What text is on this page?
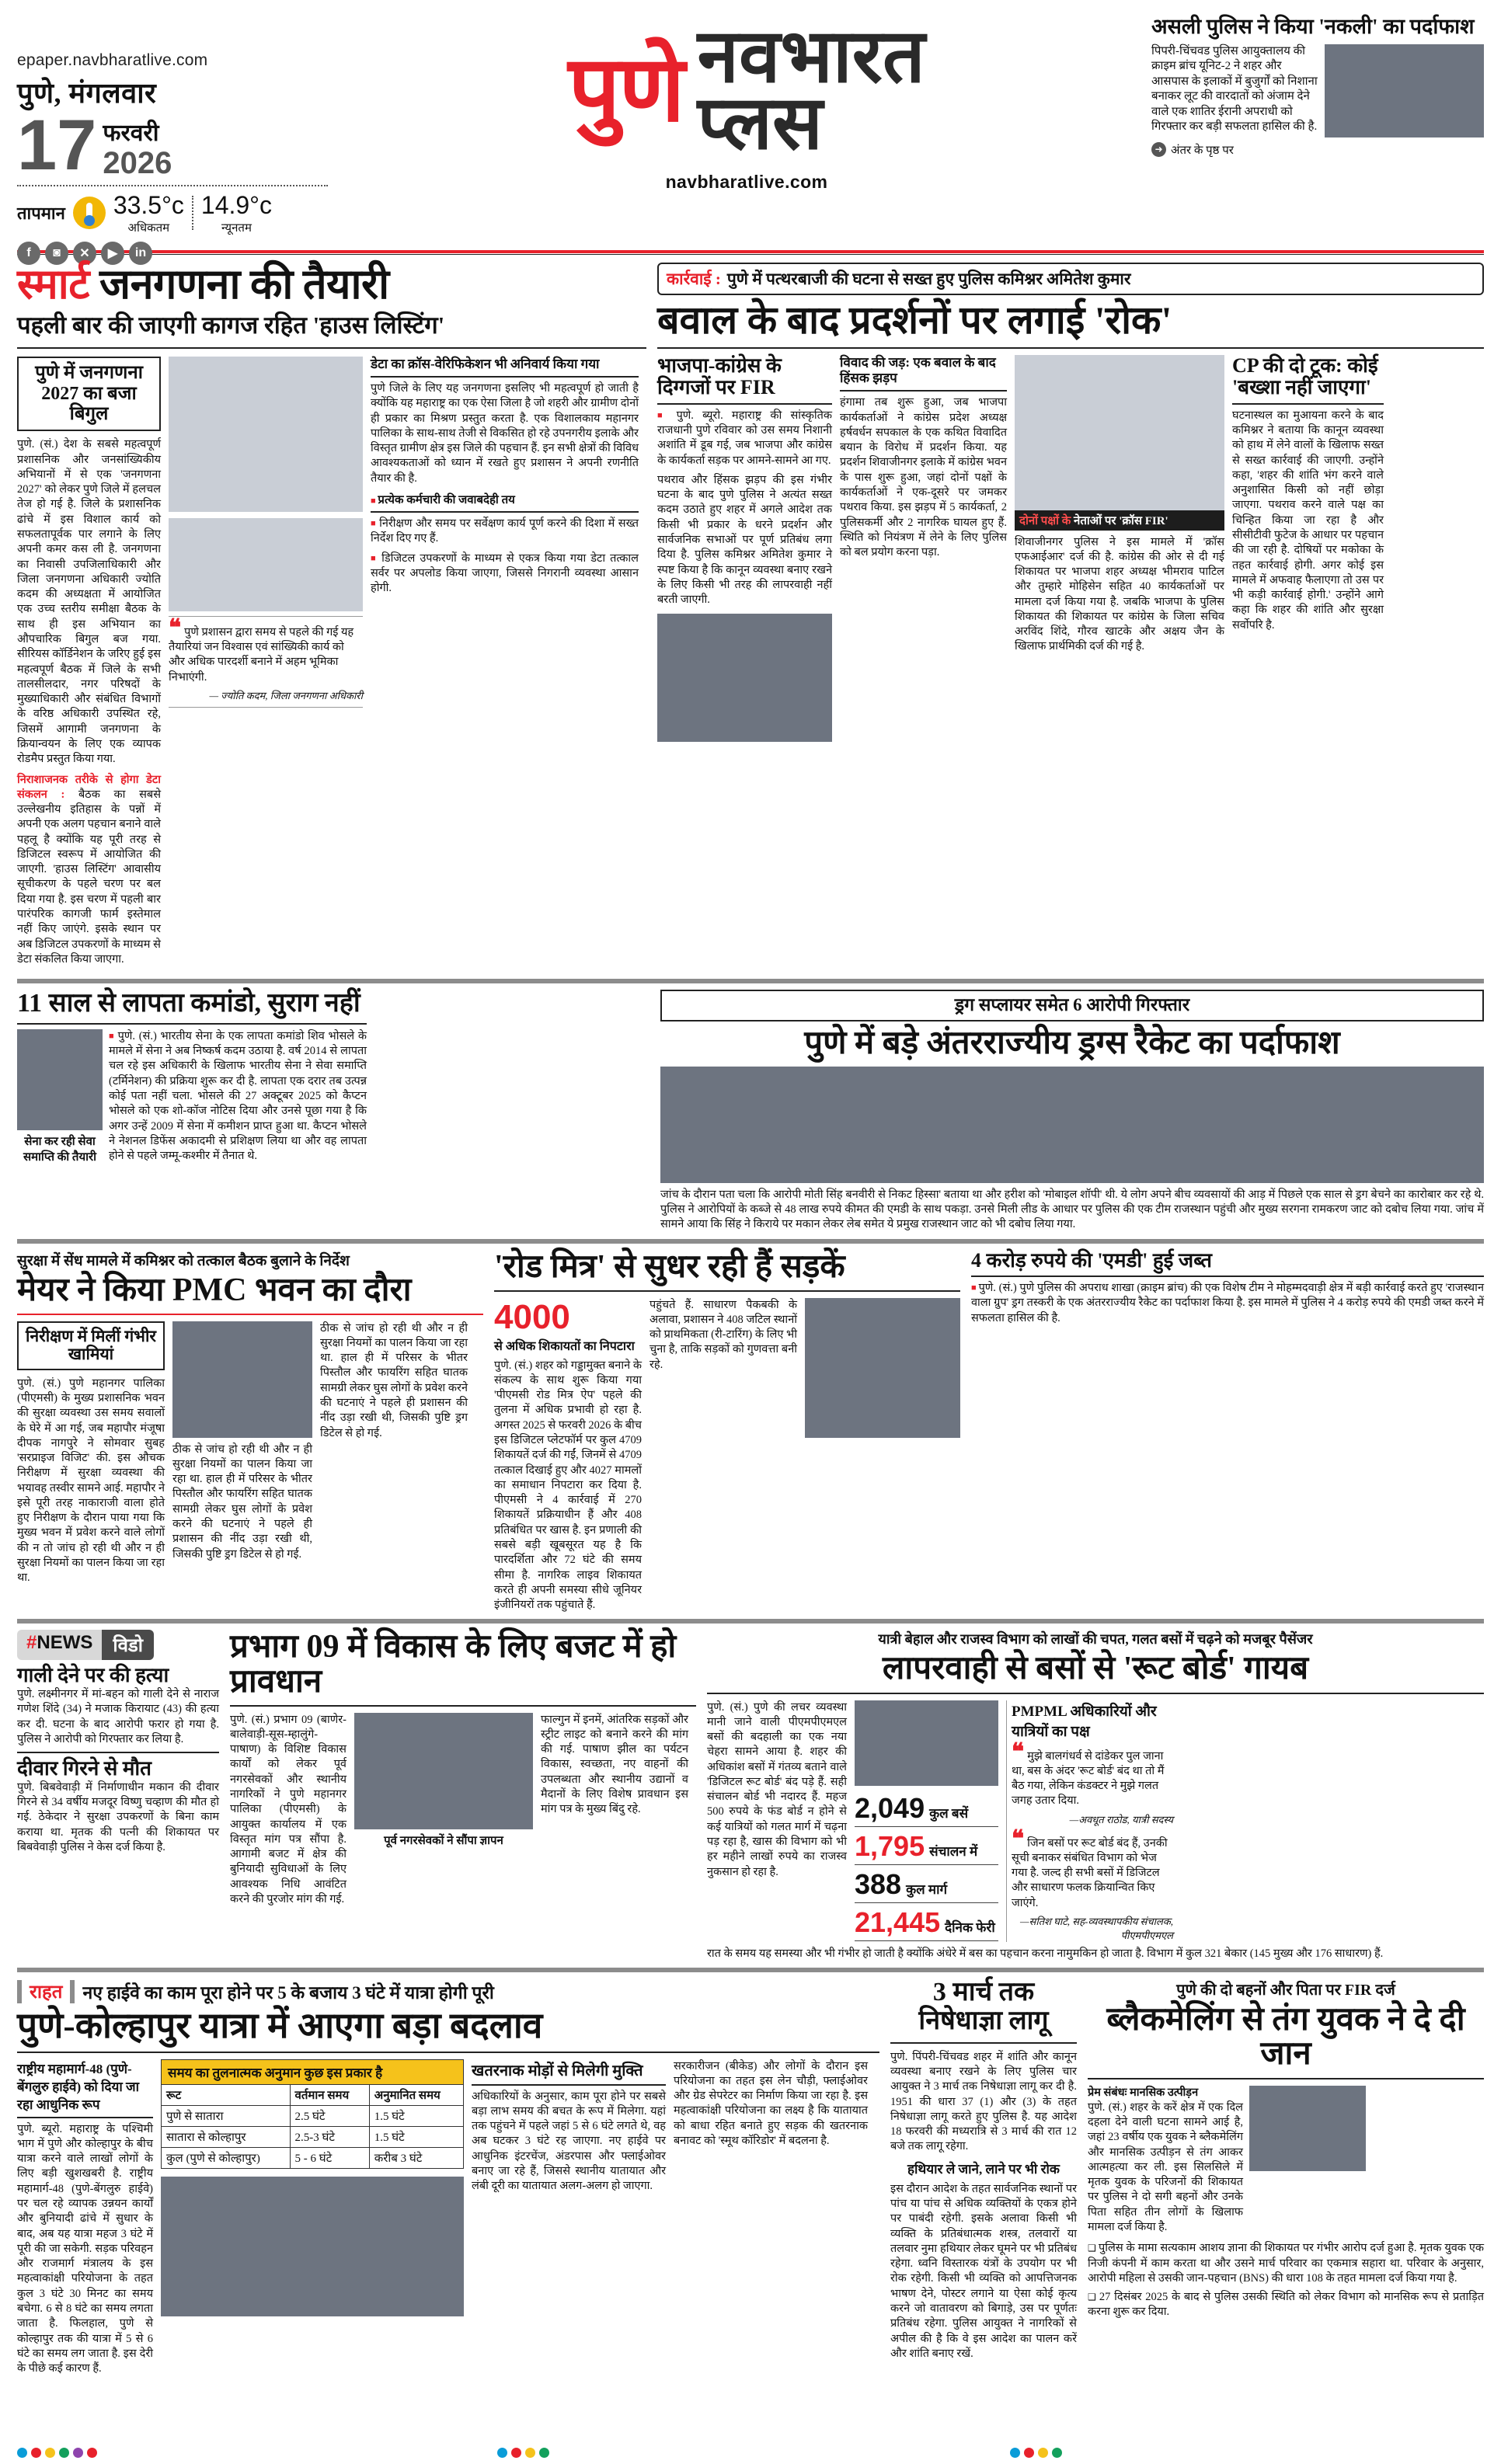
epaper.navbharatlive.com
पुणे, मंगलवार
17 फरवरी
2026
तापमान 33.5°c
अधिकतम
14.9°c
न्यूनतम
f	◙	✕	▶	in
पुणे नवभारत
प्लस
navbharatlive.com
असली पुलिस ने किया 'नकली' का पर्दाफाश
पिपरी-चिंचवड पुलिस आयुक्तालय की क्राइम ब्रांच यूनिट-2 ने शहर और आसपास के इलाकों में बुजुर्गों को निशाना बनाकर लूट की वारदातों को अंजाम देने वाले एक शातिर ईरानी अपराधी को गिरफ्तार कर बड़ी सफलता हासिल की है.
➜ अंतर के पृष्ठ पर
स्मार्ट जनगणना की तैयारी
पहली बार की जाएगी कागज रहित 'हाउस लिस्टिंग'
पुणे में जनगणना 2027 का बजा बिगुल

पुणे. (सं.) देश के सबसे महत्वपूर्ण प्रशासनिक और जनसांख्यिकीय अभियानों में से एक 'जनगणना 2027' को लेकर पुणे जिले में हलचल तेज हो गई है. जिले के प्रशासनिक ढांचे में इस विशाल कार्य को सफलतापूर्वक पार लगाने के लिए अपनी कमर कस ली है. जनगणना का निवासी उपजिलाधिकारी और जिला जनगणना अधिकारी ज्योति कदम की अध्यक्षता में आयोजित एक उच्च स्तरीय समीक्षा बैठक के साथ ही इस अभियान का औपचारिक बिगुल बज गया. सीरियस कॉर्डिनेशन के जरिए हुई इस महत्वपूर्ण बैठक में जिले के सभी तालसीलदार, नगर परिषदों के मुख्याधिकारी और संबंधित विभागों के वरिष्ठ अधिकारी उपस्थित रहे, जिसमें आगामी जनगणना के क्रियान्वयन के लिए एक व्यापक रोडमैप प्रस्तुत किया गया.

निराशाजनक तरीके से होगा डेटा संकलन : बैठक का सबसे उल्लेखनीय इतिहास के पन्नों में अपनी एक अलग पहचान बनाने वाले पहलू है क्योंकि यह पूरी तरह से डिजिटल स्वरूप में आयोजित की जाएगी. 'हाउस लिस्टिंग' आवासीय सूचीकरण के पहले चरण पर बल दिया गया है. इस चरण में पहली बार पारंपरिक कागजी फार्म इस्तेमाल नहीं किए जाएंगे. इसके स्थान पर अब डिजिटल उपकरणों के माध्यम से डेटा संकलित किया जाएगा.

❝ पुणे प्रशासन द्वारा समय से पहले की गई यह तैयारियां जन विश्वास एवं सांख्यिकी कार्य को और अधिक पारदर्शी बनाने में अहम भूमिका निभाएंगी.
— ज्योति कदम, जिला जनगणना अधिकारी
डेटा का क्रॉस-वेरिफिकेशन भी अनिवार्य किया गया

पुणे जिले के लिए यह जनगणना इसलिए भी महत्वपूर्ण हो जाती है क्योंकि यह महाराष्ट्र का एक ऐसा जिला है जो शहरी और ग्रामीण दोनों ही प्रकार का मिश्रण प्रस्तुत करता है. एक विशालकाय महानगर पालिका के साथ-साथ तेजी से विकसित हो रहे उपनगरीय इलाके और विस्तृत ग्रामीण क्षेत्र इस जिले की पहचान हैं. इन सभी क्षेत्रों की विविध आवश्यकताओं को ध्यान में रखते हुए प्रशासन ने अपनी रणनीति तैयार की है.

■ प्रत्येक कर्मचारी की जवाबदेही तय
■ निरीक्षण और समय पर सर्वेक्षण कार्य पूर्ण करने की दिशा में सख्त निर्देश दिए गए हैं.
■ डिजिटल उपकरणों के माध्यम से एकत्र किया गया डेटा तत्काल सर्वर पर अपलोड किया जाएगा, जिससे निगरानी व्यवस्था आसान होगी.
कार्रवाई : पुणे में पत्थरबाजी की घटना से सख्त हुए पुलिस कमिश्नर अमितेश कुमार
बवाल के बाद प्रदर्शनों पर लगाई 'रोक'
भाजपा-कांग्रेस के दिग्गजों पर FIR
■ पुणे. ब्यूरो. महाराष्ट्र की सांस्कृतिक राजधानी पुणे रविवार को उस समय निशानी अशांति में डूब गई, जब भाजपा और कांग्रेस के कार्यकर्ता सड़क पर आमने-सामने आ गए.
पथराव और हिंसक झड़प की इस गंभीर घटना के बाद पुणे पुलिस ने अत्यंत सख्त कदम उठाते हुए शहर में अगले आदेश तक किसी भी प्रकार के धरने प्रदर्शन और सार्वजनिक सभाओं पर पूर्ण प्रतिबंध लगा दिया है. पुलिस कमिश्नर अमितेश कुमार ने स्पष्ट किया है कि कानून व्यवस्था बनाए रखने के लिए किसी भी तरह की लापरवाही नहीं बरती जाएगी.
विवाद की जड़: एक बवाल के बाद हिंसक झड़प
हंगामा तब शुरू हुआ, जब भाजपा कार्यकर्ताओं ने कांग्रेस प्रदेश अध्यक्ष हर्षवर्धन सपकाल के एक कथित विवादित बयान के विरोध में प्रदर्शन किया. यह प्रदर्शन शिवाजीनगर इलाके में कांग्रेस भवन के पास शुरू हुआ, जहां दोनों पक्षों के कार्यकर्ताओं ने एक-दूसरे पर जमकर पथराव किया. इस झड़प में 5 कार्यकर्ता, 2 पुलिसकर्मी और 2 नागरिक घायल हुए हैं. स्थिति को नियंत्रण में लेने के लिए पुलिस को बल प्रयोग करना पड़ा.
दोनों पक्षों के नेताओं पर 'क्रॉस FIR'
शिवाजीनगर पुलिस ने इस मामले में 'क्रॉस एफआईआर' दर्ज की है. कांग्रेस की ओर से दी गई शिकायत पर भाजपा शहर अध्यक्ष भीमराव पाटिल और तुम्हारे मोहिसेन सहित 40 कार्यकर्ताओं पर मामला दर्ज किया गया है. जबकि भाजपा के पुलिस शिकायत की शिकायत पर कांग्रेस के जिला सचिव अरविंद शिंदे, गौरव खाटके और अक्षय जैन के खिलाफ प्रार्थमिकी दर्ज की गई है.
CP की दो टूक: कोई 'बख्शा नहीं जाएगा'
घटनास्थल का मुआयना करने के बाद कमिश्नर ने बताया कि कानून व्यवस्था को हाथ में लेने वालों के खिलाफ सख्त से सख्त कार्रवाई की जाएगी. उन्होंने कहा, 'शहर की शांति भंग करने वाले अनुशासित किसी को नहीं छोड़ा जाएगा. पथराव करने वाले पक्ष का चिन्हित किया जा रहा है और सीसीटीवी फुटेज के आधार पर पहचान की जा रही है. दोषियों पर मकोका के तहत कार्रवाई होगी. अगर कोई इस मामले में अफवाह फैलाएगा तो उस पर भी कड़ी कार्रवाई होगी.' उन्होंने आगे कहा कि शहर की शांति और सुरक्षा सर्वोपरि है.
11 साल से लापता कमांडो, सुराग नहीं
सेना कर रही सेवा समाप्ति की तैयारी
■ पुणे. (सं.) भारतीय सेना के एक लापता कमांडो शिव भोसले के मामले में सेना ने अब निष्कर्ष कदम उठाया है. वर्ष 2014 से लापता चल रहे इस अधिकारी के खिलाफ भारतीय सेना ने सेवा समाप्ति (टर्मिनेशन) की प्रक्रिया शुरू कर दी है. लापता एक दरार तब उत्पन्न कोई पता नहीं चला. भोसले की 27 अक्टूबर 2025 को कैप्टन भोसले को एक शो-कॉज नोटिस दिया और उनसे पूछा गया है कि अगर उन्हें 2009 में सेना में कमीशन प्राप्त हुआ था. कैप्टन भोसले ने नेशनल डिफेंस अकादमी से प्रशिक्षण लिया था और वह लापता होने से पहले जम्मू-कश्मीर में तैनात थे.
ड्रग सप्लायर समेत 6 आरोपी गिरफ्तार
पुणे में बड़े अंतरराज्यीय ड्रग्स रैकेट का पर्दाफाश
जांच के दौरान पता चला कि आरोपी मोती सिंह बनवीरी से निकट हिस्सा' बताया था और हरीश को 'मोबाइल शॉपी' थी. ये लोग अपने बीच व्यवसायों की आड़ में पिछले एक साल से ड्रग बेचने का कारोबार कर रहे थे. पुलिस ने आरोपियों के कब्जे से 48 लाख रुपये कीमत की एमडी के साथ पकड़ा. उनसे मिली लीड के आधार पर पुलिस की एक टीम राजस्थान पहुंची और मुख्य सरगना रामकरण जाट को दबोच लिया गया. जांच में सामने आया कि सिंह ने किराये पर मकान लेकर लेब समेत ये प्रमुख राजस्थान जाट को भी दबोच लिया गया.
सुरक्षा में सेंध मामले में कमिश्नर को तत्काल बैठक बुलाने के निर्देश
मेयर ने किया PMC भवन का दौरा
निरीक्षण में मिलीं गंभीर खामियां
पुणे. (सं.) पुणे महानगर पालिका (पीएमसी) के मुख्य प्रशासनिक भवन की सुरक्षा व्यवस्था उस समय सवालों के घेरे में आ गई, जब महापौर मंजूषा दीपक नागपुरे ने सोमवार सुबह 'सरप्राइज विजिट' की. इस औचक निरीक्षण में सुरक्षा व्यवस्था की भयावह तस्वीर सामने आई. महापौर ने इसे पूरी तरह नाकाराजी वाला होते हुए निरीक्षण के दौरान पाया गया कि मुख्य भवन में प्रवेश करने वाले लोगों की न तो जांच हो रही थी और न ही सुरक्षा नियमों का पालन किया जा रहा था.
ठीक से जांच हो रही थी और न ही सुरक्षा नियमों का पालन किया जा रहा था. हाल ही में परिसर के भीतर पिस्तौल और फायरिंग सहित घातक सामग्री लेकर घुस लोगों के प्रवेश करने की घटनाएं ने पहले ही प्रशासन की नींद उड़ा रखी थी, जिसकी पुष्टि ड्रग डिटेल से हो गई.
ठीक से जांच हो रही थी और न ही सुरक्षा नियमों का पालन किया जा रहा था. हाल ही में परिसर के भीतर पिस्तौल और फायरिंग सहित घातक सामग्री लेकर घुस लोगों के प्रवेश करने की घटनाएं ने पहले ही प्रशासन की नींद उड़ा रखी थी, जिसकी पुष्टि ड्रग डिटेल से हो गई.
'रोड मित्र' से सुधर रही हैं सड़कें
4000
से अधिक शिकायतों का निपटारा
पुणे. (सं.) शहर को गड्डामुक्त बनाने के संकल्प के साथ शुरू किया गया 'पीएमसी रोड मित्र ऐप' पहले की तुलना में अधिक प्रभावी हो रहा है. अगस्त 2025 से फरवरी 2026 के बीच इस डिजिटल प्लेटफॉर्म पर कुल 4709 शिकायतें दर्ज की गईं, जिनमें से 4709 तत्काल दिखाई हुए और 4027 मामलों का समाधान निपटारा कर दिया है. पीएमसी ने 4 कार्रवाई में 270 शिकायतें प्रक्रियाधीन हैं और 408 प्रतिबंधित पर खास है. इन प्रणाली की सबसे बड़ी खूबसूरत यह है कि पारदर्शिता और 72 घंटे की समय सीमा है. नागरिक लाइव शिकायत करते ही अपनी समस्या सीधे जूनियर इंजीनियरों तक पहुंचाते हैं.
पहुंचते हैं. साधारण पैकबकी के अलावा, प्रशासन ने 408 जटिल स्थानों को प्राथमिकता (री-टारिंग) के लिए भी चुना है, ताकि सड़कों को गुणवत्ता बनी रहे.
4 करोड़ रुपये की 'एमडी' हुई जब्त
■ पुणे. (सं.) पुणे पुलिस की अपराध शाखा (क्राइम ब्रांच) की एक विशेष टीम ने मोहम्मदवाड़ी क्षेत्र में बड़ी कार्रवाई करते हुए 'राजस्थान वाला ग्रुप' ड्रग तस्करी के एक अंतरराज्यीय रैकेट का पर्दाफाश किया है. इस मामले में पुलिस ने 4 करोड़ रुपये की एमडी जब्त करने में सफलता हासिल की है.
#NEWS	विडो
गाली देने पर की हत्या
पुणे. लक्ष्मीनगर में मां-बहन को गाली देने से नाराज गणेश शिंदे (34) ने मजाक किरायाट (43) की हत्या कर दी. घटना के बाद आरोपी फरार हो गया है. पुलिस ने आरोपी को गिरफ्तार कर लिया है.
दीवार गिरने से मौत
पुणे. बिबवेवाड़ी में निर्माणाधीन मकान की दीवार गिरने से 34 वर्षीय मजदूर विष्णु चव्हाण की मौत हो गई. ठेकेदार ने सुरक्षा उपकरणों के बिना काम कराया था. मृतक की पत्नी की शिकायत पर बिबवेवाड़ी पुलिस ने केस दर्ज किया है.
प्रभाग 09 में विकास के लिए बजट में हो प्रावधान
पुणे. (सं.) प्रभाग 09 (बाणेर-बालेवाड़ी-सूस-म्हालुंगे-पाषाण) के विशिष्ट विकास कार्यों को लेकर पूर्व नगरसेवकों और स्थानीय नागरिकों ने पुणे महानगर पालिका (पीएमसी) के आयुक्त कार्यालय में एक विस्तृत मांग पत्र सौंपा है. आगामी बजट में क्षेत्र की बुनियादी सुविधाओं के लिए आवश्यक निधि आवंटित करने की पुरजोर मांग की गई.
पूर्व नगरसेवकों ने सौंपा ज्ञापन
फाल्गुन में इनमें, आंतरिक सड़कों और स्ट्रीट लाइट को बनाने करने की मांग की गई. पाषाण झील का पर्यटन विकास, स्वच्छता, नए वाहनों की उपलब्धता और स्थानीय उद्यानों व मैदानों के लिए विशेष प्रावधान इस मांग पत्र के मुख्य बिंदु रहे.
यात्री बेहाल और राजस्व विभाग को लाखों की चपत, गलत बसों में चढ़ने को मजबूर पैसेंजर
लापरवाही से बसों से 'रूट बोर्ड' गायब
पुणे. (सं.) पुणे की लचर व्यवस्था मानी जाने वाली पीएमपीएमएल बसों की बदहाली का एक नया चेहरा सामने आया है. शहर की अधिकांश बसों में गंतव्य बताने वाले 'डिजिटल रूट बोर्ड' बंद पड़े हैं. सही संचालन बोर्ड भी नदारद हैं. महज 500 रुपये के फंड बोर्ड न होने से कई यात्रियों को गलत मार्ग में चढ़ना पड़ रहा है, खास की विभाग को भी हर महीने लाखों रुपये का राजस्व नुकसान हो रहा है.
2,049 कुल बसें
1,795 संचालन में
388 कुल मार्ग
21,445 दैनिक फेरी
PMPML अधिकारियों और यात्रियों का पक्ष
❝ मुझे बालगंधर्व से दांडेकर पुल जाना था, बस के अंदर 'रूट बोर्ड' बंद था तो मैं बैठ गया, लेकिन कंडक्टर ने मुझे गलत जगह उतार दिया.
—अवधूत राठोड, यात्री सदस्य
❝ जिन बसों पर रूट बोर्ड बंद हैं, उनकी सूची बनाकर संबंधित विभाग को भेज गया है. जल्द ही सभी बसों में डिजिटल और साधारण फलक क्रियान्वित किए जाएंगे.
—सतिश घाटे, सह-व्यवस्थापकीय संचालक, पीएमपीएमएल
रात के समय यह समस्या और भी गंभीर हो जाती है क्योंकि अंधेरे में बस का पहचान करना नामुमकिन हो जाता है. विभाग में कुल 321 बेकार (145 मुख्य और 176 साधारण) हैं.
राहत नए हाईवे का काम पूरा होने पर 5 के बजाय 3 घंटे में यात्रा होगी पूरी
पुणे-कोल्हापुर यात्रा में आएगा बड़ा बदलाव
राष्ट्रीय महामार्ग-48 (पुणे-बेंगलुरु हाईवे) को दिया जा रहा आधुनिक रूप
पुणे. ब्यूरो. महाराष्ट्र के पश्चिमी भाग में पुणे और कोल्हापुर के बीच यात्रा करने वाले लाखों लोगों के लिए बड़ी खुशखबरी है. राष्ट्रीय महामार्ग-48 (पुणे-बेंगलुरु हाईवे) पर चल रहे व्यापक उन्नयन कार्यों और बुनियादी ढांचे में सुधार के बाद, अब यह यात्रा महज 3 घंटे में पूरी की जा सकेगी. सड़क परिवहन और राजमार्ग मंत्रालय के इस महत्वाकांक्षी परियोजना के तहत कुल 3 घंटे 30 मिनट का समय बचेगा. 6 से 8 घंटे का समय लगता जाता है. फिलहाल, पुणे से कोल्हापुर तक की यात्रा में 5 से 6 घंटे का समय लग जाता है. इस देरी के पीछे कई कारण हैं.
समय का तुलनात्मक अनुमान कुछ इस प्रकार है
रूट	वर्तमान समय	अनुमानित समय
पुणे से सातारा	2.5 घंटे	1.5 घंटे
सातारा से कोल्हापुर	2.5-3 घंटे	1.5 घंटे
कुल (पुणे से कोल्हापुर)	5 - 6 घंटे	करीब 3 घंटे
खतरनाक मोड़ों से मिलेगी मुक्ति
अधिकारियों के अनुसार, काम पूरा होने पर सबसे बड़ा लाभ समय की बचत के रूप में मिलेगा. यहां तक पहुंचने में पहले जहां 5 से 6 घंटे लगते थे, वह अब घटकर 3 घंटे रह जाएगा. नए हाईवे पर आधुनिक इंटरचेंज, अंडरपास और फ्लाईओवर बनाए जा रहे हैं, जिससे स्थानीय यातायात और लंबी दूरी का यातायात अलग-अलग हो जाएगा.
सरकारीजन (बीकेड) और लोगों के दौरान इस परियोजना का तहत इस लेन चौड़ी, फ्लाईओवर और ग्रेड सेपरेटर का निर्माण किया जा रहा है. इस महत्वाकांक्षी परियोजना का लक्ष्य है कि यातायात को बाधा रहित बनाते हुए सड़क की खतरनाक बनावट को 'स्मूथ कॉरिडोर' में बदलना है.
3 मार्च तक निषेधाज्ञा लागू
पुणे. पिंपरी-चिंचवड शहर में शांति और कानून व्यवस्था बनाए रखने के लिए पुलिस चार आयुक्त ने 3 मार्च तक निषेधाज्ञा लागू कर दी है. 1951 की धारा 37 (1) और (3) के तहत निषेधाज्ञा लागू करते हुए पुलिस है. यह आदेश 18 फरवरी की मध्यरात्रि से 3 मार्च की रात 12 बजे तक लागू रहेगा.
हथियार ले जाने, लाने पर भी रोक
इस दौरान आदेश के तहत सार्वजनिक स्थानों पर पांच या पांच से अधिक व्यक्तियों के एकत्र होने पर पाबंदी रहेगी. इसके अलावा किसी भी व्यक्ति के प्रतिबंधात्मक शस्त्र, तलवारों या तलवार नुमा हथियार लेकर घूमने पर भी प्रतिबंध रहेगा. ध्वनि विस्तारक यंत्रों के उपयोग पर भी रोक रहेगी. किसी भी व्यक्ति को आपत्तिजनक भाषण देने, पोस्टर लगाने या ऐसा कोई कृत्य करने जो वातावरण को बिगाड़े, उस पर पूर्णतः प्रतिबंध रहेगा. पुलिस आयुक्त ने नागरिकों से अपील की है कि वे इस आदेश का पालन करें और शांति बनाए रखें.
पुणे की दो बहनों और पिता पर FIR दर्ज
ब्लैकमेलिंग से तंग युवक ने दे दी जान
प्रेम संबंधः मानसिक उत्पीड़न
पुणे. (सं.) शहर के करें क्षेत्र में एक दिल दहला देने वाली घटना सामने आई है, जहां 23 वर्षीय एक युवक ने ब्लैकमेलिंग और मानसिक उत्पीड़न से तंग आकर आत्महत्या कर ली. इस सिलसिले में मृतक युवक के परिजनों की शिकायत पर पुलिस ने दो सगी बहनों और उनके पिता सहित तीन लोगों के खिलाफ मामला दर्ज किया है.
❑ पुलिस के मामा सत्यकाम आशय ज्ञाना की शिकायत पर गंभीर आरोप दर्ज हुआ है. मृतक युवक एक निजी कंपनी में काम करता था और उसने मार्च परिवार का एकमात्र सहारा था. परिवार के अनुसार, आरोपी महिला से उसकी जान-पहचान (BNS) की धारा 108 के तहत मामला दर्ज किया गया है.
❑ 27 दिसंबर 2025 के बाद से पुलिस उसकी स्थिति को लेकर विभाग को मानसिक रूप से प्रताड़ित करना शुरू कर दिया.
